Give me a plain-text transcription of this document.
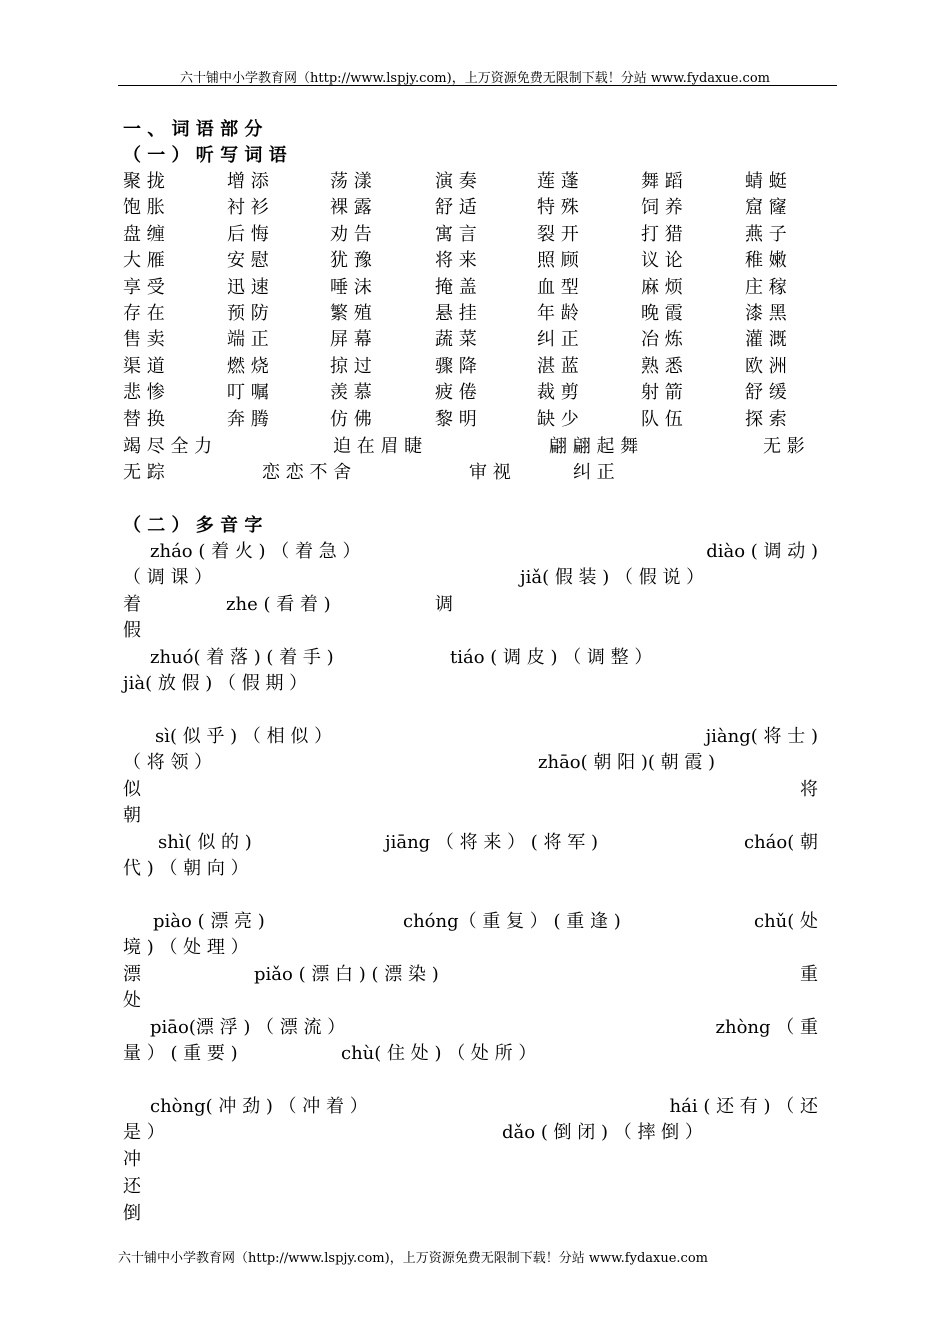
六十铺中小学教育网（http://www.lspjy.com)，上万资源免费无限制下载！分站 www.fydaxue.com
一 、 词 语 部 分
（ 一 ） 听 写 词 语
聚 拢	增 添	荡 漾	演 奏	莲 蓬	舞 蹈	蜻 蜓
饱 胀	衬 衫	裸 露	舒 适	特 殊	饲 养	窟 窿
盘 缠	后 悔	劝 告	寓 言	裂 开	打 猎	燕 子
大 雁	安 慰	犹 豫	将 来	照 顾	议 论	稚 嫩
享 受	迅 速	唾 沫	掩 盖	血 型	麻 烦	庄 稼
存 在	预 防	繁 殖	悬 挂	年 龄	晚 霞	漆 黑
售 卖	端 正	屏 幕	蔬 菜	纠 正	冶 炼	灌 溉
渠 道	燃 烧	掠 过	骤 降	湛 蓝	熟 悉	欧 洲
悲 惨	叮 嘱	羡 慕	疲 倦	裁 剪	射 箭	舒 缓
替 换	奔 腾	仿 佛	黎 明	缺 少	队 伍	探 索
竭 尽 全 力	迫 在 眉 睫	翩 翩 起 舞	无 影
无 踪	恋 恋 不 舍	审 视	纠 正
（ 二 ） 多 音 字
zháo ( 着 火 ) （ 着 急 ）	diào ( 调 动 )
（ 调 课 ）	jiǎ( 假 装 ) （ 假 说 ）
着	zhe ( 看 着 )	调
假
zhuó( 着 落 ) ( 着 手 )	tiáo ( 调 皮 ) （ 调 整 ）
jià( 放 假 ) （ 假 期 ）
sì( 似 乎 ) （ 相 似 ）	jiàng( 将 士 )
（ 将 领 ）	zhāo( 朝 阳 )( 朝 霞 )
似	将
朝
shì( 似 的 )	jiāng （ 将 来 ） ( 将 军 )	cháo( 朝
代 ) （ 朝 向 ）
piào ( 漂 亮 )	chóng（ 重 复 ） ( 重 逢 )	chǔ( 处
境 ) （ 处 理 ）
漂	piǎo ( 漂 白 ) ( 漂 染 )	重
处
piāo(漂 浮 ) （ 漂 流 ）	zhòng （ 重
量 ） ( 重 要 )	chù( 住 处 ) （ 处 所 ）
chòng( 冲 劲 ) （ 冲 着 ）	hái ( 还 有 ) （ 还
是 ）	dǎo ( 倒 闭 ) （ 摔 倒 ）
冲
还
倒
六十铺中小学教育网（http://www.lspjy.com)，上万资源免费无限制下载！分站 www.fydaxue.com
